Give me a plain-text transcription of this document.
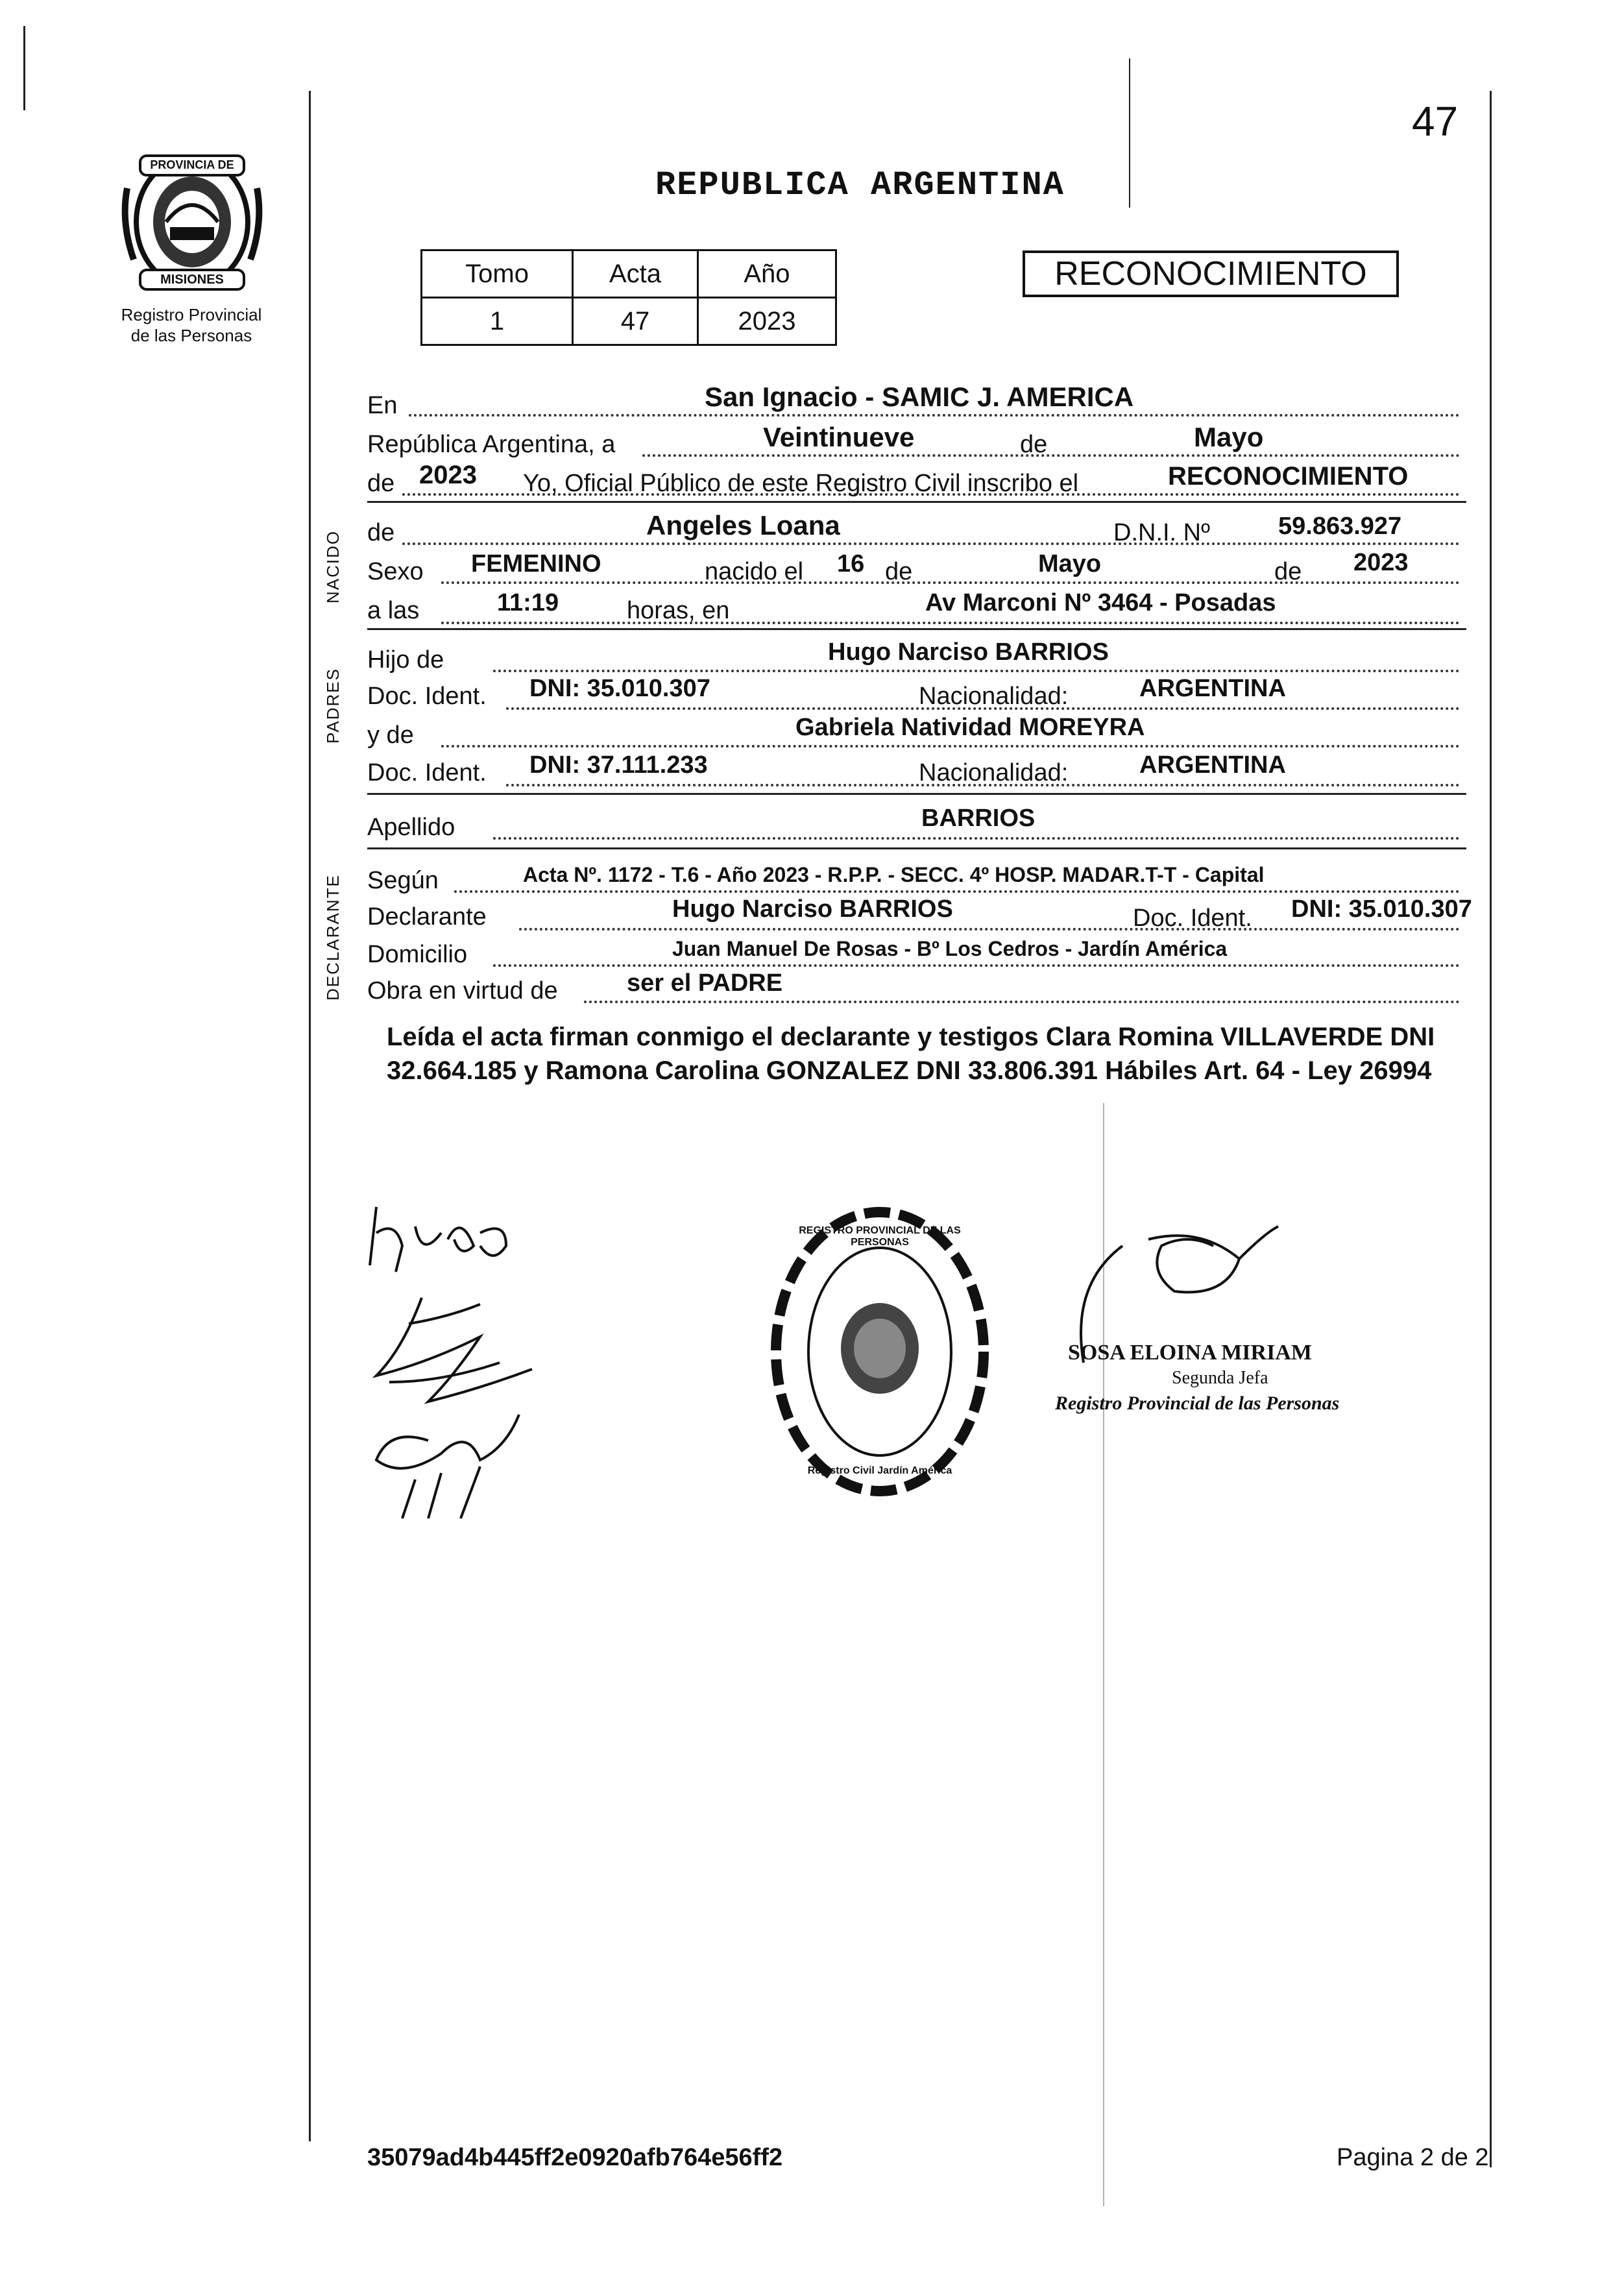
47
PROVINCIA DE
MISIONES
Registro Provincial
de las Personas
REPUBLICA ARGENTINA
Tomo	Acta	Año
1	47	2023
RECONOCIMIENTO
En	San Ignacio - SAMIC J. AMERICA
República Argentina, a	Veintinueve	de	Mayo
de 2023 Yo, Oficial Público de este Registro Civil inscribo el	RECONOCIMIENTO
NACIDO de	Angeles Loana	D.N.I. Nº	59.863.927
Sexo FEMENINO	nacido el 16 de	Mayo	de 2023
a las	11:19	horas, en	Av Marconi Nº 3464 - Posadas
PADRES
Hijo de	Hugo Narciso BARRIOS
Doc. Ident. DNI: 35.010.307	Nacionalidad:	ARGENTINA
y de	Gabriela Natividad MOREYRA
Doc. Ident. DNI: 37.111.233	Nacionalidad:	ARGENTINA
Apellido	BARRIOS
DECLARANTE Según	Acta Nº. 1172 - T.6 - Año 2023 - R.P.P. - SECC. 4º HOSP. MADAR.T-T - Capital
Declarante	Hugo Narciso BARRIOS	Doc. Ident. DNI: 35.010.307
Domicilio	Juan Manuel De Rosas - Bº Los Cedros - Jardín América
Obra en virtud de	ser el PADRE
Leída el acta firman conmigo el declarante y testigos Clara Romina VILLAVERDE DNI 32.664.185 y Ramona Carolina GONZALEZ DNI 33.806.391 Hábiles Art. 64 - Ley 26994
REGISTRO PROVINCIAL DE LAS PERSONAS
Registro Civil Jardín América
SOSA ELOINA MIRIAM
Segunda Jefa
Registro Provincial de las Personas
35079ad4b445ff2e0920afb764e56ff2	Pagina 2 de 2
